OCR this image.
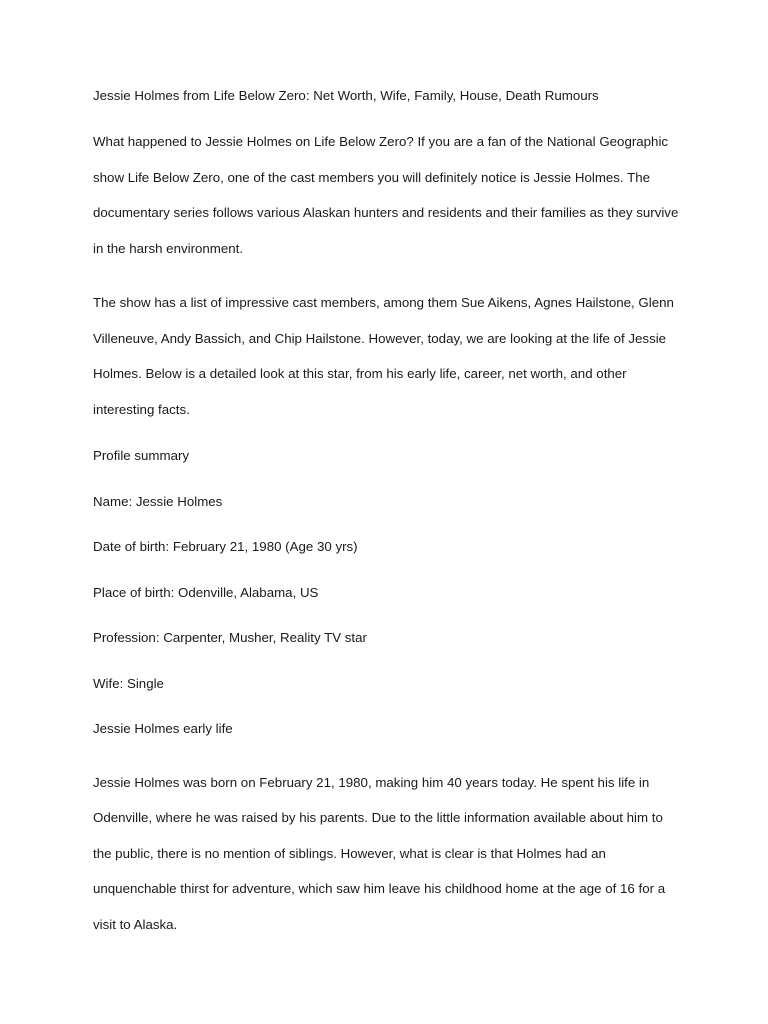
Jessie Holmes from Life Below Zero: Net Worth, Wife, Family, House, Death Rumours

What happened to Jessie Holmes on Life Below Zero? If you are a fan of the National Geographic show Life Below Zero, one of the cast members you will definitely notice is Jessie Holmes. The documentary series follows various Alaskan hunters and residents and their families as they survive in the harsh environment.

The show has a list of impressive cast members, among them Sue Aikens, Agnes Hailstone, Glenn Villeneuve, Andy Bassich, and Chip Hailstone. However, today, we are looking at the life of Jessie Holmes. Below is a detailed look at this star, from his early life, career, net worth, and other interesting facts.

Profile summary

Name: Jessie Holmes

Date of birth: February 21, 1980 (Age 30 yrs)

Place of birth: Odenville, Alabama, US

Profession: Carpenter, Musher, Reality TV star

Wife: Single

Jessie Holmes early life

Jessie Holmes was born on February 21, 1980, making him 40 years today. He spent his life in Odenville, where he was raised by his parents. Due to the little information available about him to the public, there is no mention of siblings. However, what is clear is that Holmes had an unquenchable thirst for adventure, which saw him leave his childhood home at the age of 16 for a visit to Alaska.
